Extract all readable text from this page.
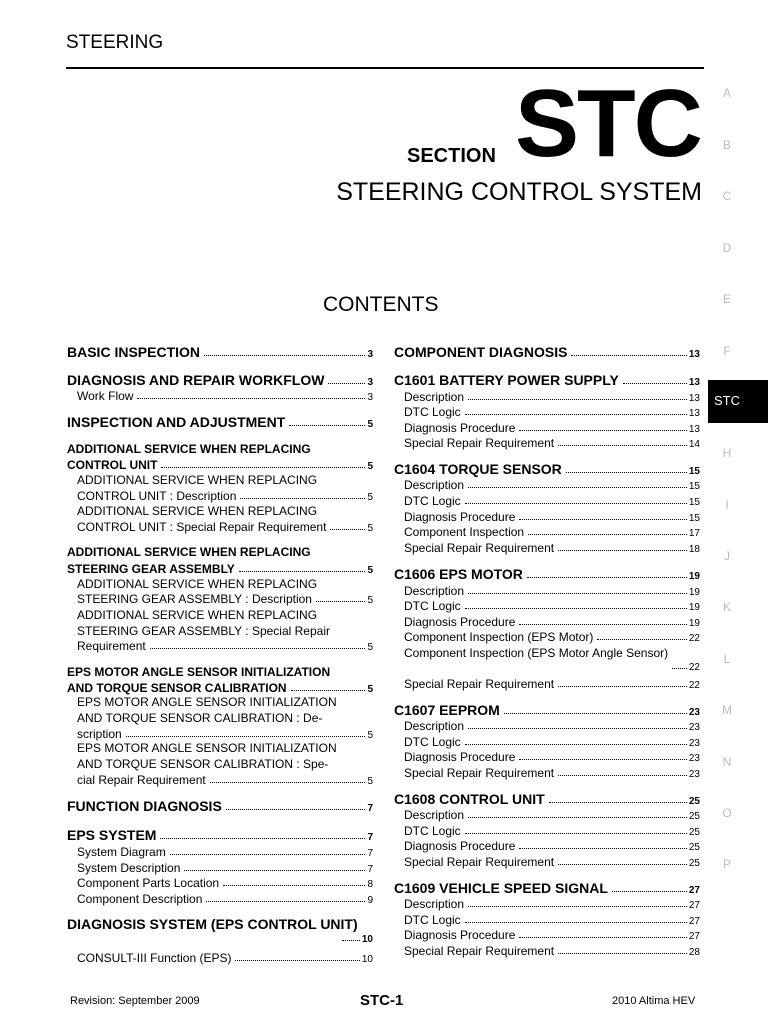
STEERING
SECTION STC
STEERING CONTROL SYSTEM
CONTENTS
A
B
C
D
E
F
STC
H
I
J
K
L
M
N
O
P
BASIC INSPECTION	3
DIAGNOSIS AND REPAIR WORKFLOW	3
Work Flow	3
INSPECTION AND ADJUSTMENT	5
ADDITIONAL SERVICE WHEN REPLACING
CONTROL UNIT	5
ADDITIONAL SERVICE WHEN REPLACING
CONTROL UNIT : Description	5
ADDITIONAL SERVICE WHEN REPLACING
CONTROL UNIT : Special Repair Requirement	5
ADDITIONAL SERVICE WHEN REPLACING
STEERING GEAR ASSEMBLY	5
ADDITIONAL SERVICE WHEN REPLACING
STEERING GEAR ASSEMBLY : Description	5
ADDITIONAL SERVICE WHEN REPLACING
STEERING GEAR ASSEMBLY : Special Repair
Requirement	5
EPS MOTOR ANGLE SENSOR INITIALIZATION
AND TORQUE SENSOR CALIBRATION	5
EPS MOTOR ANGLE SENSOR INITIALIZATION
AND TORQUE SENSOR CALIBRATION : De-
scription	5
EPS MOTOR ANGLE SENSOR INITIALIZATION
AND TORQUE SENSOR CALIBRATION : Spe-
cial Repair Requirement	5
FUNCTION DIAGNOSIS	7
EPS SYSTEM	7
System Diagram	7
System Description	7
Component Parts Location	8
Component Description	9
DIAGNOSIS SYSTEM (EPS CONTROL UNIT)
10
CONSULT-III Function (EPS)	10
COMPONENT DIAGNOSIS	13
C1601 BATTERY POWER SUPPLY	13
Description	13
DTC Logic	13
Diagnosis Procedure	13
Special Repair Requirement	14
C1604 TORQUE SENSOR	15
Description	15
DTC Logic	15
Diagnosis Procedure	15
Component Inspection	17
Special Repair Requirement	18
C1606 EPS MOTOR	19
Description	19
DTC Logic	19
Diagnosis Procedure	19
Component Inspection (EPS Motor)	22
Component Inspection (EPS Motor Angle Sensor)
22
Special Repair Requirement	22
C1607 EEPROM	23
Description	23
DTC Logic	23
Diagnosis Procedure	23
Special Repair Requirement	23
C1608 CONTROL UNIT	25
Description	25
DTC Logic	25
Diagnosis Procedure	25
Special Repair Requirement	25
C1609 VEHICLE SPEED SIGNAL	27
Description	27
DTC Logic	27
Diagnosis Procedure	27
Special Repair Requirement	28
Revision: September 2009	STC-1	2010 Altima HEV
